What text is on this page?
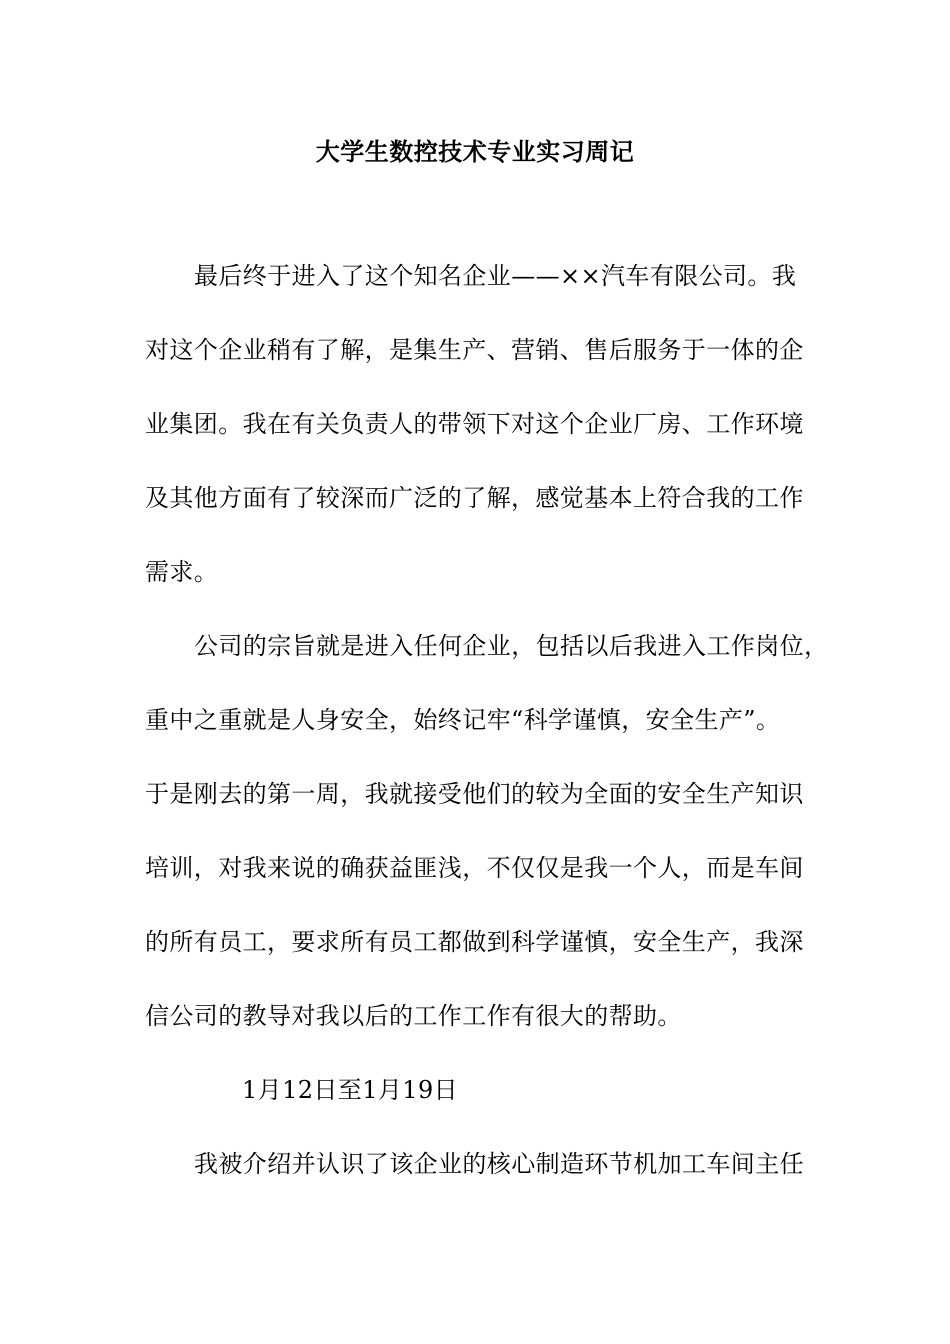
大学生数控技术专业实习周记
最后终于进入了这个知名企业——××汽车有限公司。我
对这个企业稍有了解，是集生产、营销、售后服务于一体的企
业集团。我在有关负责人的带领下对这个企业厂房、工作环境
及其他方面有了较深而广泛的了解，感觉基本上符合我的工作
需求。
公司的宗旨就是进入任何企业，包括以后我进入工作岗位，
重中之重就是人身安全，始终记牢“科学谨慎，安全生产”。
于是刚去的第一周，我就接受他们的较为全面的安全生产知识
培训，对我来说的确获益匪浅，不仅仅是我一个人，而是车间
的所有员工，要求所有员工都做到科学谨慎，安全生产，我深
信公司的教导对我以后的工作工作有很大的帮助。
1月12日至1月19日
我被介绍并认识了该企业的核心制造环节机加工车间主任
